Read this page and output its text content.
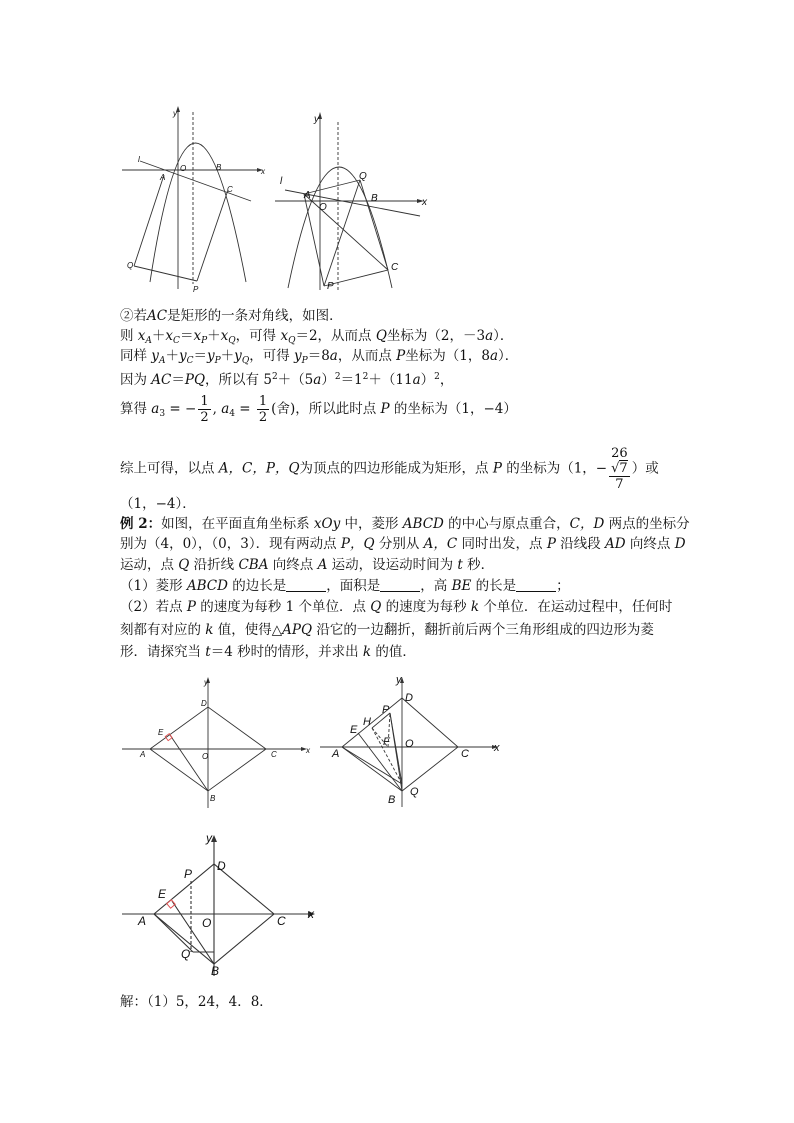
y
x
l
O
A
B
C
Q
P
y
x
l
O
A	B
C
Q
P
②若AC是矩形的一条对角线，如图．
则 $x_A+x_C=x_P+x_Q$，可得 $x_Q=2$，从而点 Q坐标为（2，－3a）．
同样 $y_A+y_C=y_P+y_Q$，可得 $y_P=8a$，从而点 P坐标为（1，8a）．
因为 AC＝PQ，所以有 $5^2+(5a)^2=1^2+(11a)^2$，
算得 $a_3$ = − $\frac{1}{2}$ , $a_4 = \frac{1}{2}$ (舍)，所以此时点 P 的坐标为（1，−4）
综上可得，以点 A，C，P，Q为顶点的四边形能成为矩形，点 P 的坐标为（1，− 26
√7
7 ）或
（1，−4）．
例 2：如图，在平面直角坐标系 xOy 中，菱形 ABCD 的中心与原点重合，C，D 两点的坐标分
别为（4，0），（0，3）．现有两动点 P，Q 分别从 A，C 同时出发，点 P 沿线段 AD 向终点 D
运动，点 Q 沿折线 CBA 向终点 A 运动，设运动时间为 t 秒．
（1）菱形 ABCD 的边长是	，面积是	，高 BE 的长是	；
（2）若点 P 的速度为每秒 1 个单位．点 Q 的速度为每秒 k 个单位．在运动过程中，任何时
刻都有对应的 k 值，使得△APQ 沿它的一边翻折，翻折前后两个三角形组成的四边形为菱
形．请探究当 t＝4 秒时的情形，并求出 k 的值．
y
x
D
E
A	O	C
B
y
x
D
P
H
E
A
F O
C
B
Q
y
x
D
P
E
A	O	C
Q
B
解：（1）5，24，4．8．
